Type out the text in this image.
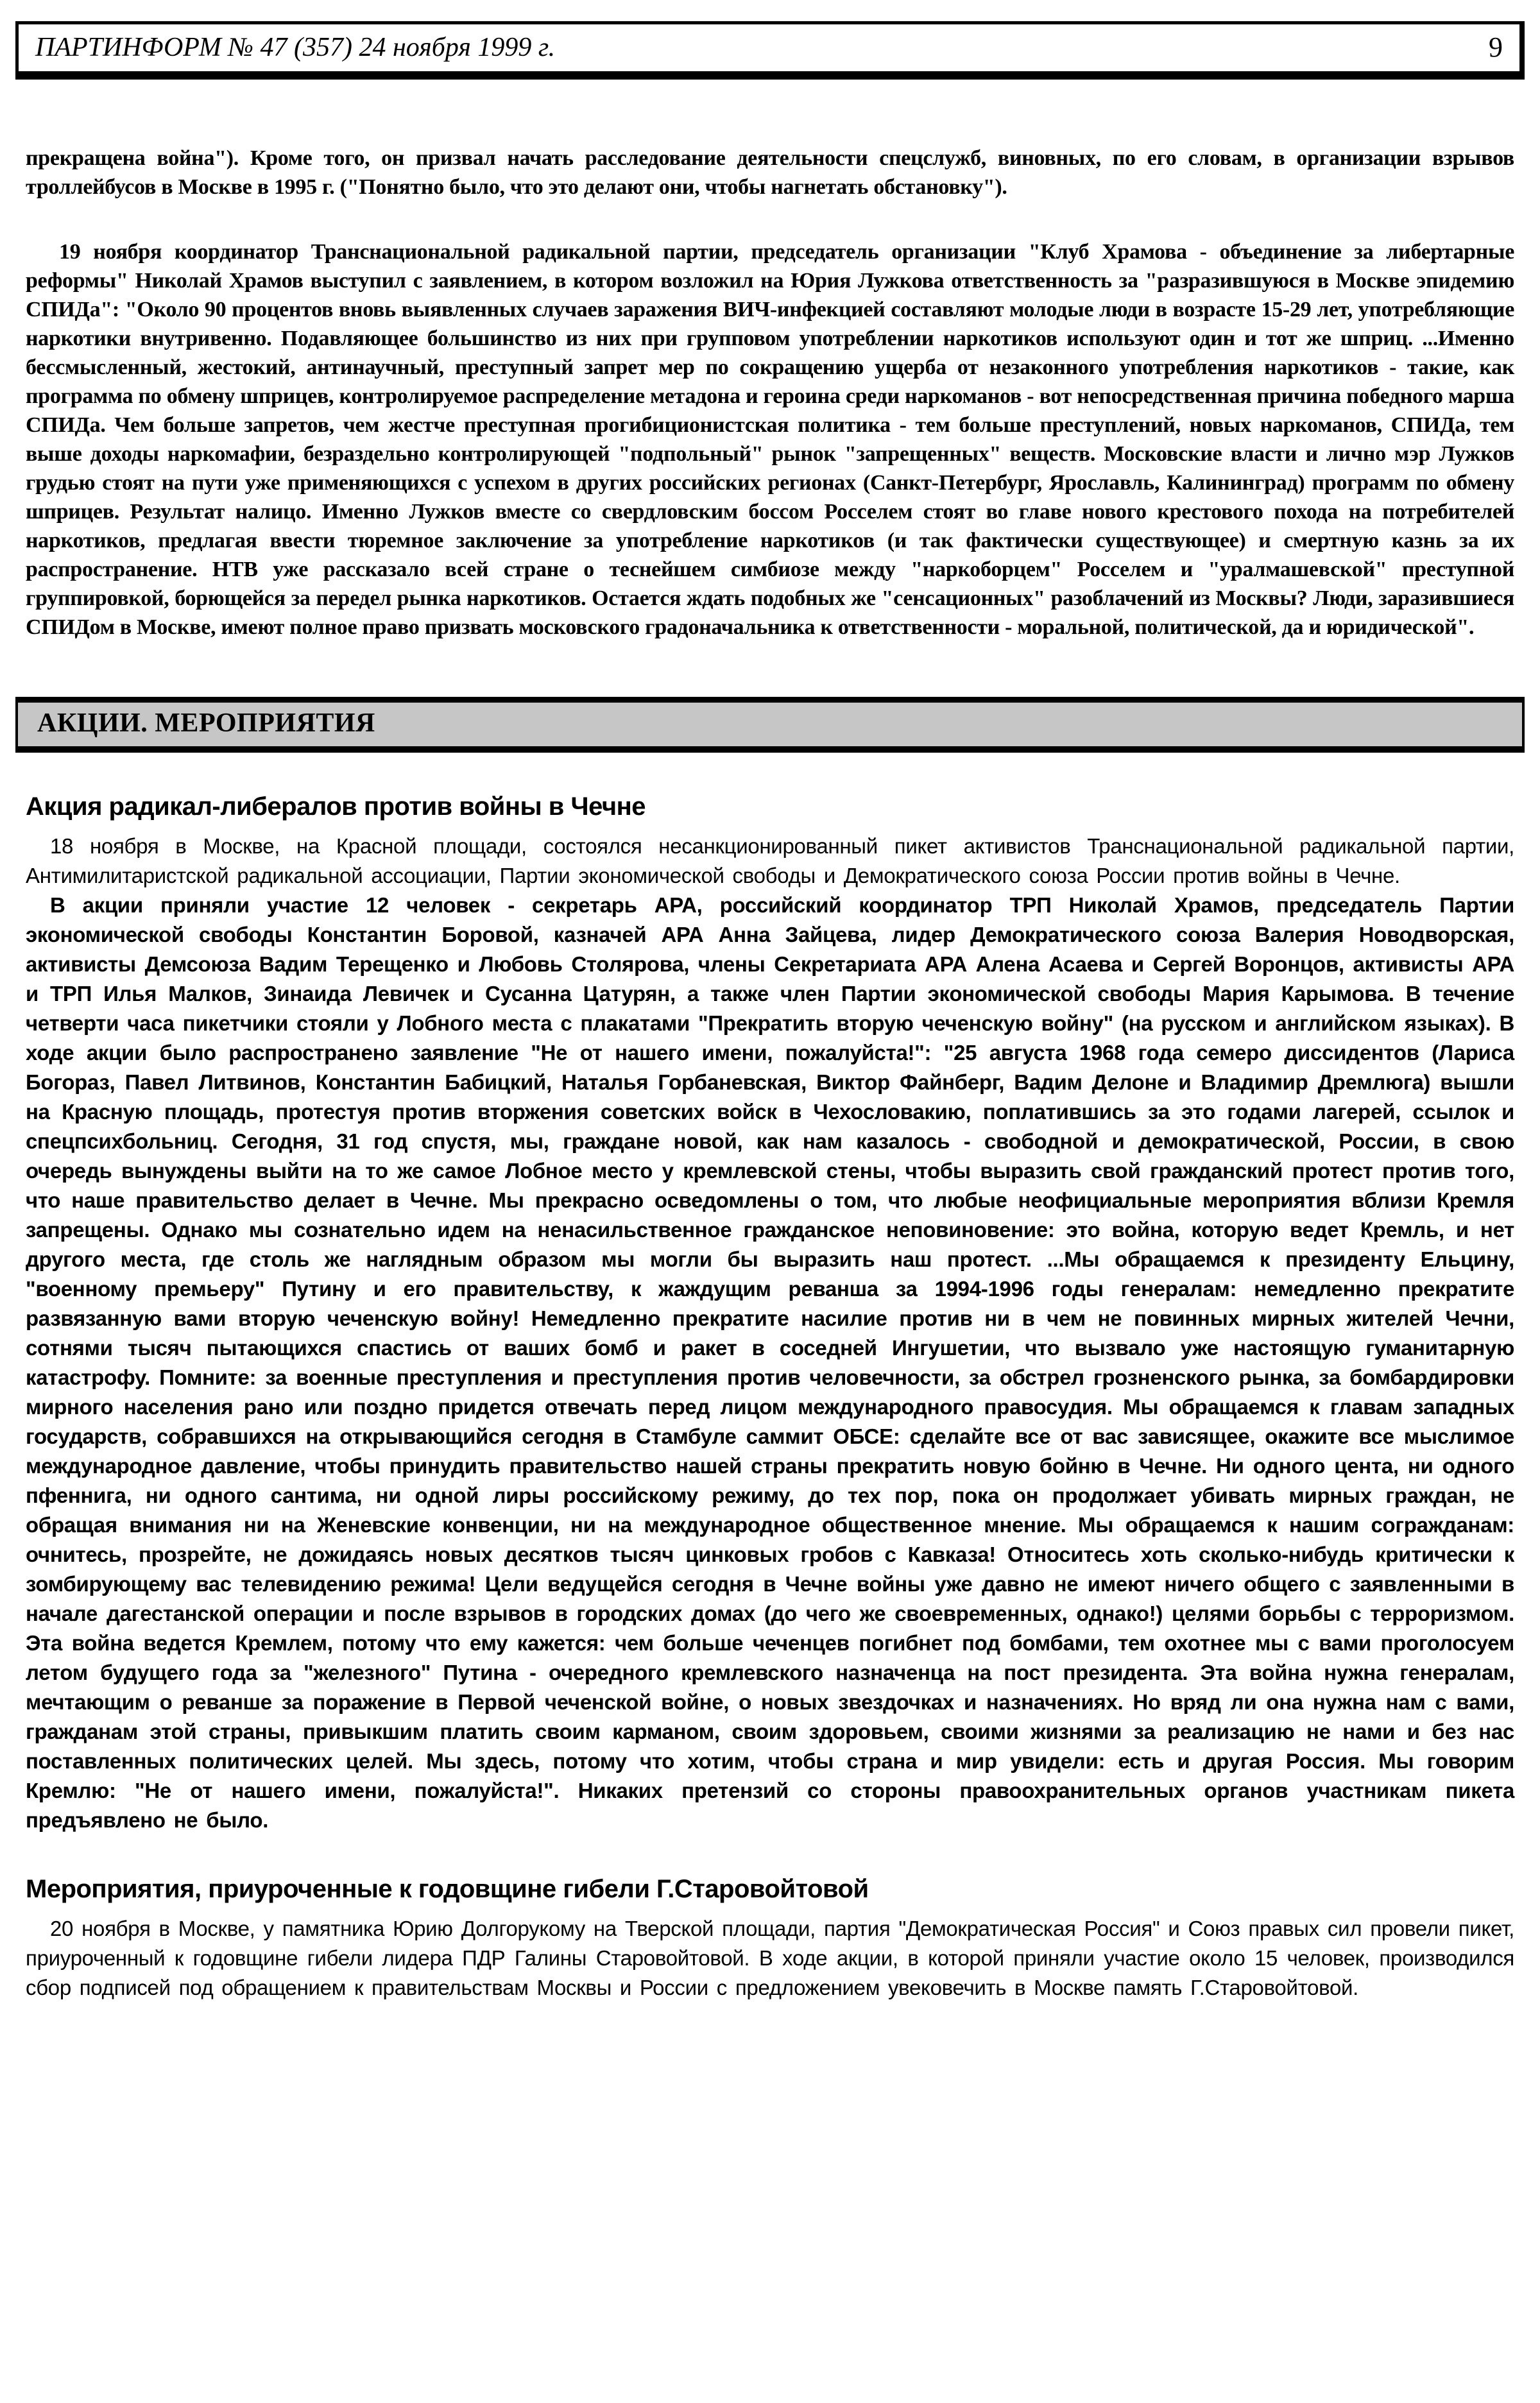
ПАРТИНФОРМ № 47 (357) 24 ноября 1999 г.	9

прекращена война"). Кроме того, он призвал начать расследование деятельности спецслужб, виновных, по его словам, в организации взрывов троллейбусов в Москве в 1995 г. ("Понятно было, что это делают они, чтобы нагнетать обстановку").

19 ноября координатор Транснациональной радикальной партии, председатель организации "Клуб Храмова - объединение за либертарные реформы" Николай Храмов выступил с заявлением, в котором возложил на Юрия Лужкова ответственность за "разразившуюся в Москве эпидемию СПИДа": "Около 90 процентов вновь выявленных случаев заражения ВИЧ-инфекцией составляют молодые люди в возрасте 15-29 лет, употребляющие наркотики внутривенно. Подавляющее большинство из них при групповом употреблении наркотиков используют один и тот же шприц. ...Именно бессмысленный, жестокий, антинаучный, преступный запрет мер по сокращению ущерба от незаконного употребления наркотиков - такие, как программа по обмену шприцев, контролируемое распределение метадона и героина среди наркоманов - вот непосредственная причина победного марша СПИДа. Чем больше запретов, чем жестче преступная прогибиционистская политика - тем больше преступлений, новых наркоманов, СПИДа, тем выше доходы наркомафии, безраздельно контролирующей "подпольный" рынок "запрещенных" веществ. Московские власти и лично мэр Лужков грудью стоят на пути уже применяющихся с успехом в других российских регионах (Санкт-Петербург, Ярославль, Калининград) программ по обмену шприцев. Результат налицо. Именно Лужков вместе со свердловским боссом Росселем стоят во главе нового крестового похода на потребителей наркотиков, предлагая ввести тюремное заключение за употребление наркотиков (и так фактически существующее) и смертную казнь за их распространение. НТВ уже рассказало всей стране о теснейшем симбиозе между "наркоборцем" Росселем и "уралмашевской" преступной группировкой, борющейся за передел рынка наркотиков. Остается ждать подобных же "сенсационных" разоблачений из Москвы? Люди, заразившиеся СПИДом в Москве, имеют полное право призвать московского градоначальника к ответственности - моральной, политической, да и юридической".

АКЦИИ. МЕРОПРИЯТИЯ
Акция радикал-либералов против войны в Чечне

18 ноября в Москве, на Красной площади, состоялся несанкционированный пикет активистов Транснациональной радикальной партии, Антимилитаристской радикальной ассоциации, Партии экономической свободы и Демократического союза России против войны в Чечне.

В акции приняли участие 12 человек - секретарь АРА, российский координатор ТРП Николай Храмов, председатель Партии экономической свободы Константин Боровой, казначей АРА Анна Зайцева, лидер Демократического союза Валерия Новодворская, активисты Демсоюза Вадим Терещенко и Любовь Столярова, члены Секретариата АРА Алена Асаева и Сергей Воронцов, активисты АРА и ТРП Илья Малков, Зинаида Левичек и Сусанна Цатурян, а также член Партии экономической свободы Мария Карымова. В течение четверти часа пикетчики стояли у Лобного места с плакатами "Прекратить вторую чеченскую войну" (на русском и английском языках). В ходе акции было распространено заявление "Не от нашего имени, пожалуйста!": "25 августа 1968 года семеро диссидентов (Лариса Богораз, Павел Литвинов, Константин Бабицкий, Наталья Горбаневская, Виктор Файнберг, Вадим Делоне и Владимир Дремлюга) вышли на Красную площадь, протестуя против вторжения советских войск в Чехословакию, поплатившись за это годами лагерей, ссылок и спецпсихбольниц. Сегодня, 31 год спустя, мы, граждане новой, как нам казалось - свободной и демократической, России, в свою очередь вынуждены выйти на то же самое Лобное место у кремлевской стены, чтобы выразить свой гражданский протест против того, что наше правительство делает в Чечне. Мы прекрасно осведомлены о том, что любые неофициальные мероприятия вблизи Кремля запрещены. Однако мы сознательно идем на ненасильственное гражданское неповиновение: это война, которую ведет Кремль, и нет другого места, где столь же наглядным образом мы могли бы выразить наш протест. ...Мы обращаемся к президенту Ельцину, "военному премьеру" Путину и его правительству, к жаждущим реванша за 1994-1996 годы генералам: немедленно прекратите развязанную вами вторую чеченскую войну! Немедленно прекратите насилие против ни в чем не повинных мирных жителей Чечни, сотнями тысяч пытающихся спастись от ваших бомб и ракет в соседней Ингушетии, что вызвало уже настоящую гуманитарную катастрофу. Помните: за военные преступления и преступления против человечности, за обстрел грозненского рынка, за бомбардировки мирного населения рано или поздно придется отвечать перед лицом международного правосудия. Мы обращаемся к главам западных государств, собравшихся на открывающийся сегодня в Стамбуле саммит ОБСЕ: сделайте все от вас зависящее, окажите все мыслимое международное давление, чтобы принудить правительство нашей страны прекратить новую бойню в Чечне. Ни одного цента, ни одного пфеннига, ни одного сантима, ни одной лиры российскому режиму, до тех пор, пока он продолжает убивать мирных граждан, не обращая внимания ни на Женевские конвенции, ни на международное общественное мнение. Мы обращаемся к нашим согражданам: очнитесь, прозрейте, не дожидаясь новых десятков тысяч цинковых гробов с Кавказа! Относитесь хоть сколько-нибудь критически к зомбирующему вас телевидению режима! Цели ведущейся сегодня в Чечне войны уже давно не имеют ничего общего с заявленными в начале дагестанской операции и после взрывов в городских домах (до чего же своевременных, однако!) целями борьбы с терроризмом. Эта война ведется Кремлем, потому что ему кажется: чем больше чеченцев погибнет под бомбами, тем охотнее мы с вами проголосуем летом будущего года за "железного" Путина - очередного кремлевского назначенца на пост президента. Эта война нужна генералам, мечтающим о реванше за поражение в Первой чеченской войне, о новых звездочках и назначениях. Но вряд ли она нужна нам с вами, гражданам этой страны, привыкшим платить своим карманом, своим здоровьем, своими жизнями за реализацию не нами и без нас поставленных политических целей. Мы здесь, потому что хотим, чтобы страна и мир увидели: есть и другая Россия. Мы говорим Кремлю: "Не от нашего имени, пожалуйста!". Никаких претензий со стороны правоохранительных органов участникам пикета предъявлено не было.

Мероприятия, приуроченные к годовщине гибели Г.Старовойтовой

20 ноября в Москве, у памятника Юрию Долгорукому на Тверской площади, партия "Демократическая Россия" и Союз правых сил провели пикет, приуроченный к годовщине гибели лидера ПДР Галины Старовойтовой. В ходе акции, в которой приняли участие около 15 человек, производился сбор подписей под обращением к правительствам Москвы и России с предложением увековечить в Москве память Г.Старовойтовой.
